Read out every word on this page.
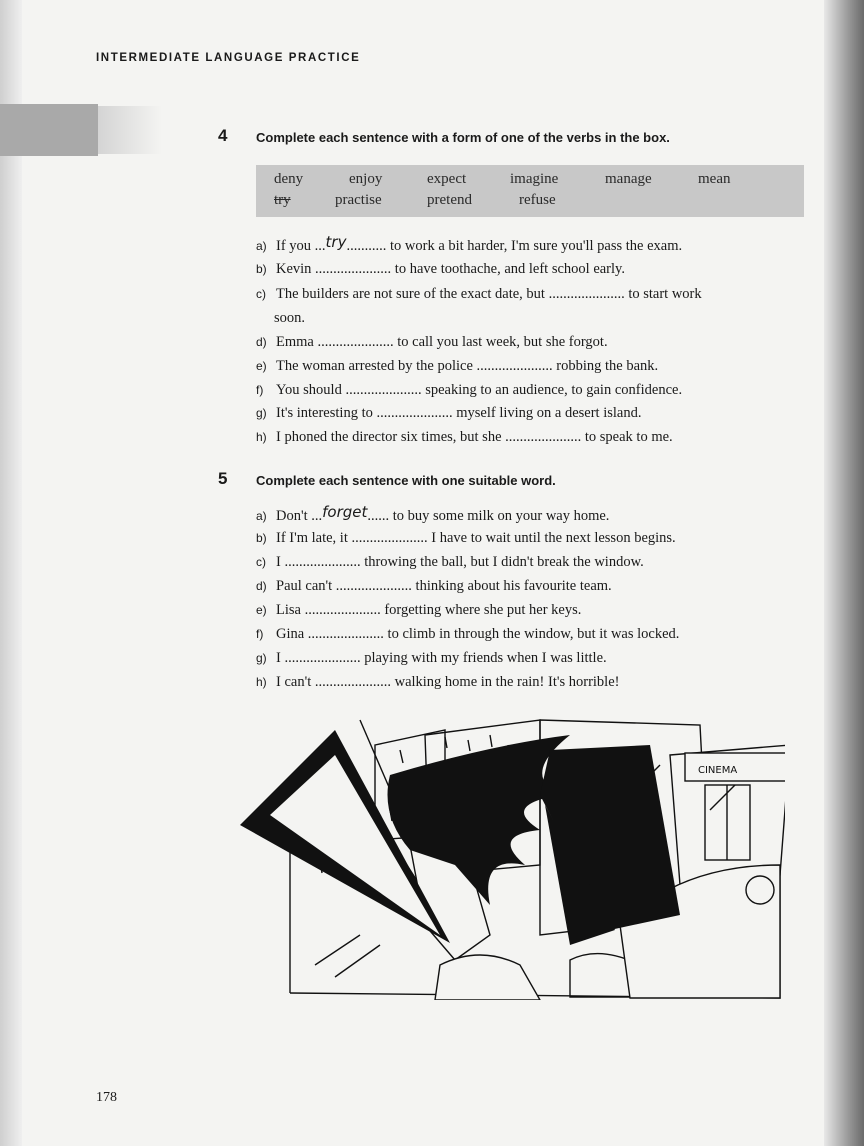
INTERMEDIATE LANGUAGE PRACTICE
4 Complete each sentence with a form of one of the verbs in the box.
deny	enjoy	expect	imagine	manage	mean
try	practise	pretend	refuse
a) If you ...try........... to work a bit harder, I'm sure you'll pass the exam.
b) Kevin ..................... to have toothache, and left school early.
c) The builders are not sure of the exact date, but ..................... to start work
soon.
d) Emma ..................... to call you last week, but she forgot.
e) The woman arrested by the police ..................... robbing the bank.
f) You should ..................... speaking to an audience, to gain confidence.
g) It's interesting to ..................... myself living on a desert island.
h) I phoned the director six times, but she ..................... to speak to me.
5 Complete each sentence with one suitable word.
a) Don't ...forget...... to buy some milk on your way home.
b) If I'm late, it ..................... I have to wait until the next lesson begins.
c) I ..................... throwing the ball, but I didn't break the window.
d) Paul can't ..................... thinking about his favourite team.
e) Lisa ..................... forgetting where she put her keys.
f) Gina ..................... to climb in through the window, but it was locked.
g) I ..................... playing with my friends when I was little.
h) I can't ..................... walking home in the rain! It's horrible!
CINEMA
178
